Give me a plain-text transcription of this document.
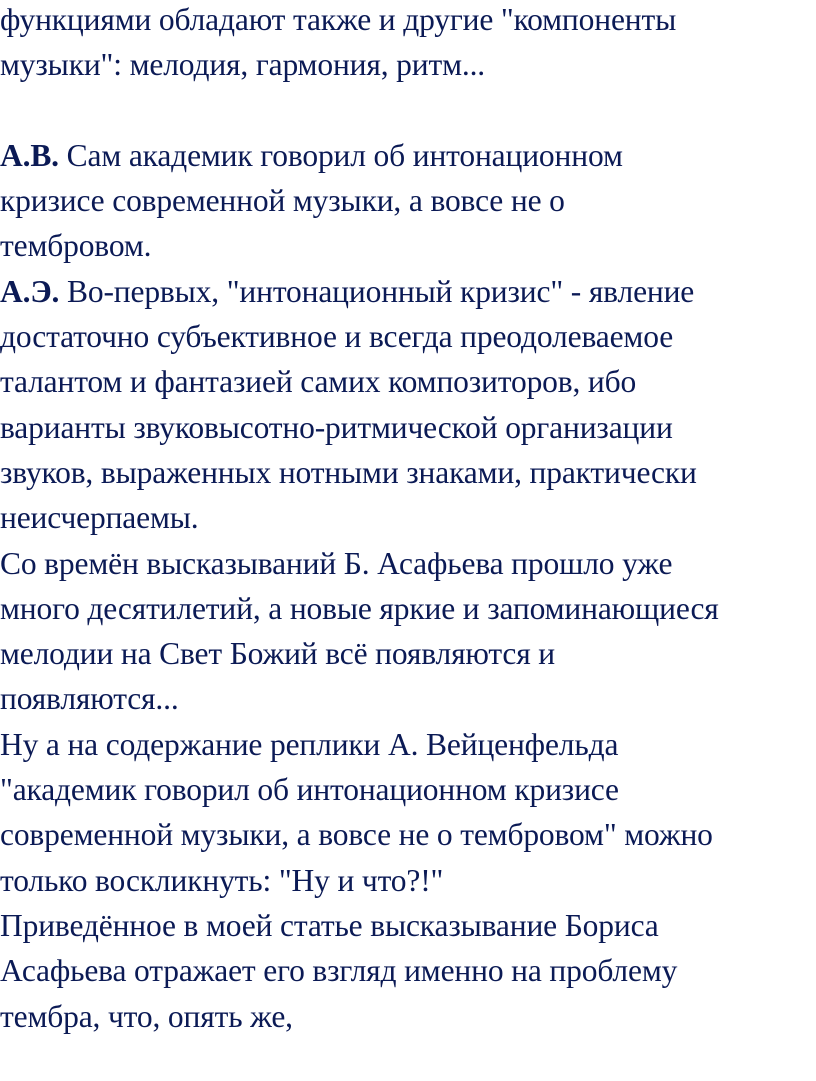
функциями обладают также и другие "компоненты
музыки": мелодия, гармония, ритм...
А.В. Сам академик говорил об интонационном
кризисе современной музыки, а вовсе не о
тембровом.
А.Э. Во-первых, "интонационный кризис" - явление
достаточно субъективное и всегда преодолеваемое
талантом и фантазией самих композиторов, ибо
варианты звуковысотно-ритмической организации
звуков, выраженных нотными знаками, практически
неисчерпаемы.
Со времён высказываний Б. Асафьева прошло уже
много десятилетий, а новые яркие и запоминающиеся
мелодии на Свет Божий всё появляются и
появляются...
Ну а на содержание реплики А. Вейценфельда
"академик говорил об интонационном кризисе
современной музыки, а вовсе не о тембровом" можно
только воскликнуть: "Ну и что?!"
Приведённое в моей статье высказывание Бориса
Асафьева отражает его взгляд именно на проблему
тембра, что, опять же,
